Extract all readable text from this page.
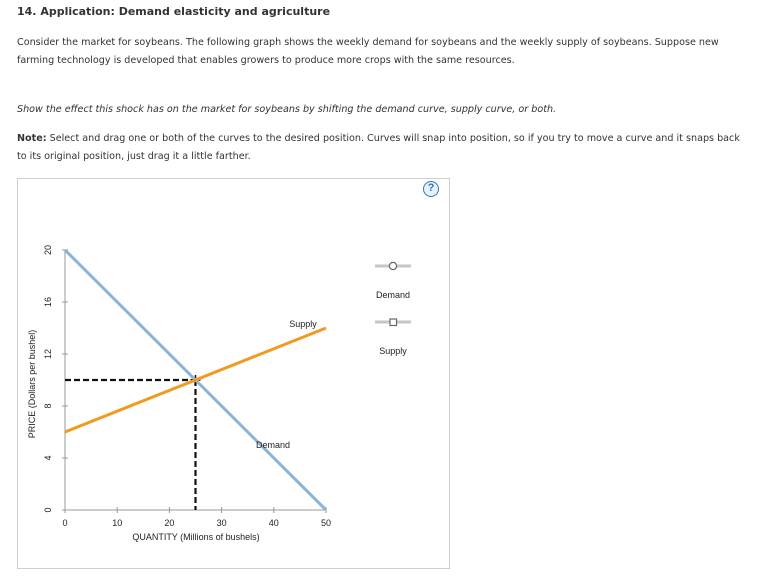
14. Application: Demand elasticity and agriculture
Consider the market for soybeans. The following graph shows the weekly demand for soybeans and the weekly supply of soybeans. Suppose new farming technology is developed that enables growers to produce more crops with the same resources.
Show the effect this shock has on the market for soybeans by shifting the demand curve, supply curve, or both.
Note: Select and drag one or both of the curves to the desired position. Curves will snap into position, so if you try to move a curve and it snaps back to its original position, just drag it a little farther.
?
0
4
8
12
16
20
0	10	20	30	40	50
QUANTITY (Millions of bushels)
PRICE (Dollars per bushel)
Supply
Demand
Demand
Supply
